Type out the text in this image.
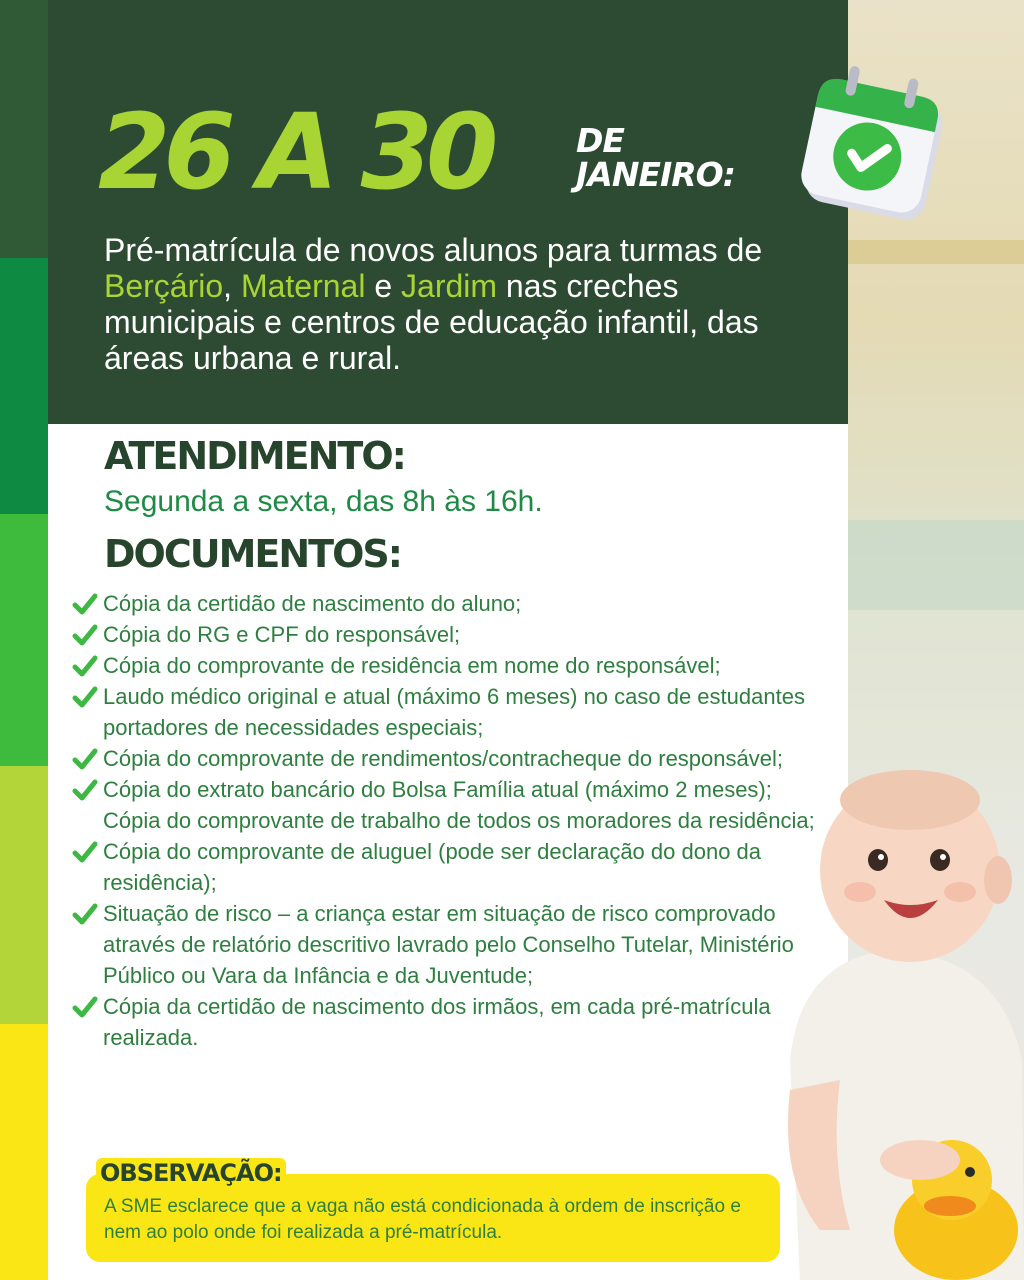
26 A 30	DE
JANEIRO:

Pré-matrícula de novos alunos para turmas de Berçário, Maternal e Jardim nas creches municipais e centros de educação infantil, das áreas urbana e rural.

ATENDIMENTO:

Segunda a sexta, das 8h às 16h.

DOCUMENTOS:
Cópia da certidão de nascimento do aluno;
Cópia do RG e CPF do responsável;
Cópia do comprovante de residência em nome do responsável;
Laudo médico original e atual (máximo 6 meses) no caso de estudantes portadores de necessidades especiais;
Cópia do comprovante de rendimentos/contracheque do responsável;
Cópia do extrato bancário do Bolsa Família atual (máximo 2 meses); Cópia do comprovante de trabalho de todos os moradores da residência;
Cópia do comprovante de aluguel (pode ser declaração do dono da residência);
Situação de risco – a criança estar em situação de risco comprovado através de relatório descritivo lavrado pelo Conselho Tutelar, Ministério Público ou Vara da Infância e da Juventude;
Cópia da certidão de nascimento dos irmãos, em cada pré-matrícula realizada.
OBSERVAÇÃO:

A SME esclarece que a vaga não está condicionada à ordem de inscrição e nem ao polo onde foi realizada a pré-matrícula.
